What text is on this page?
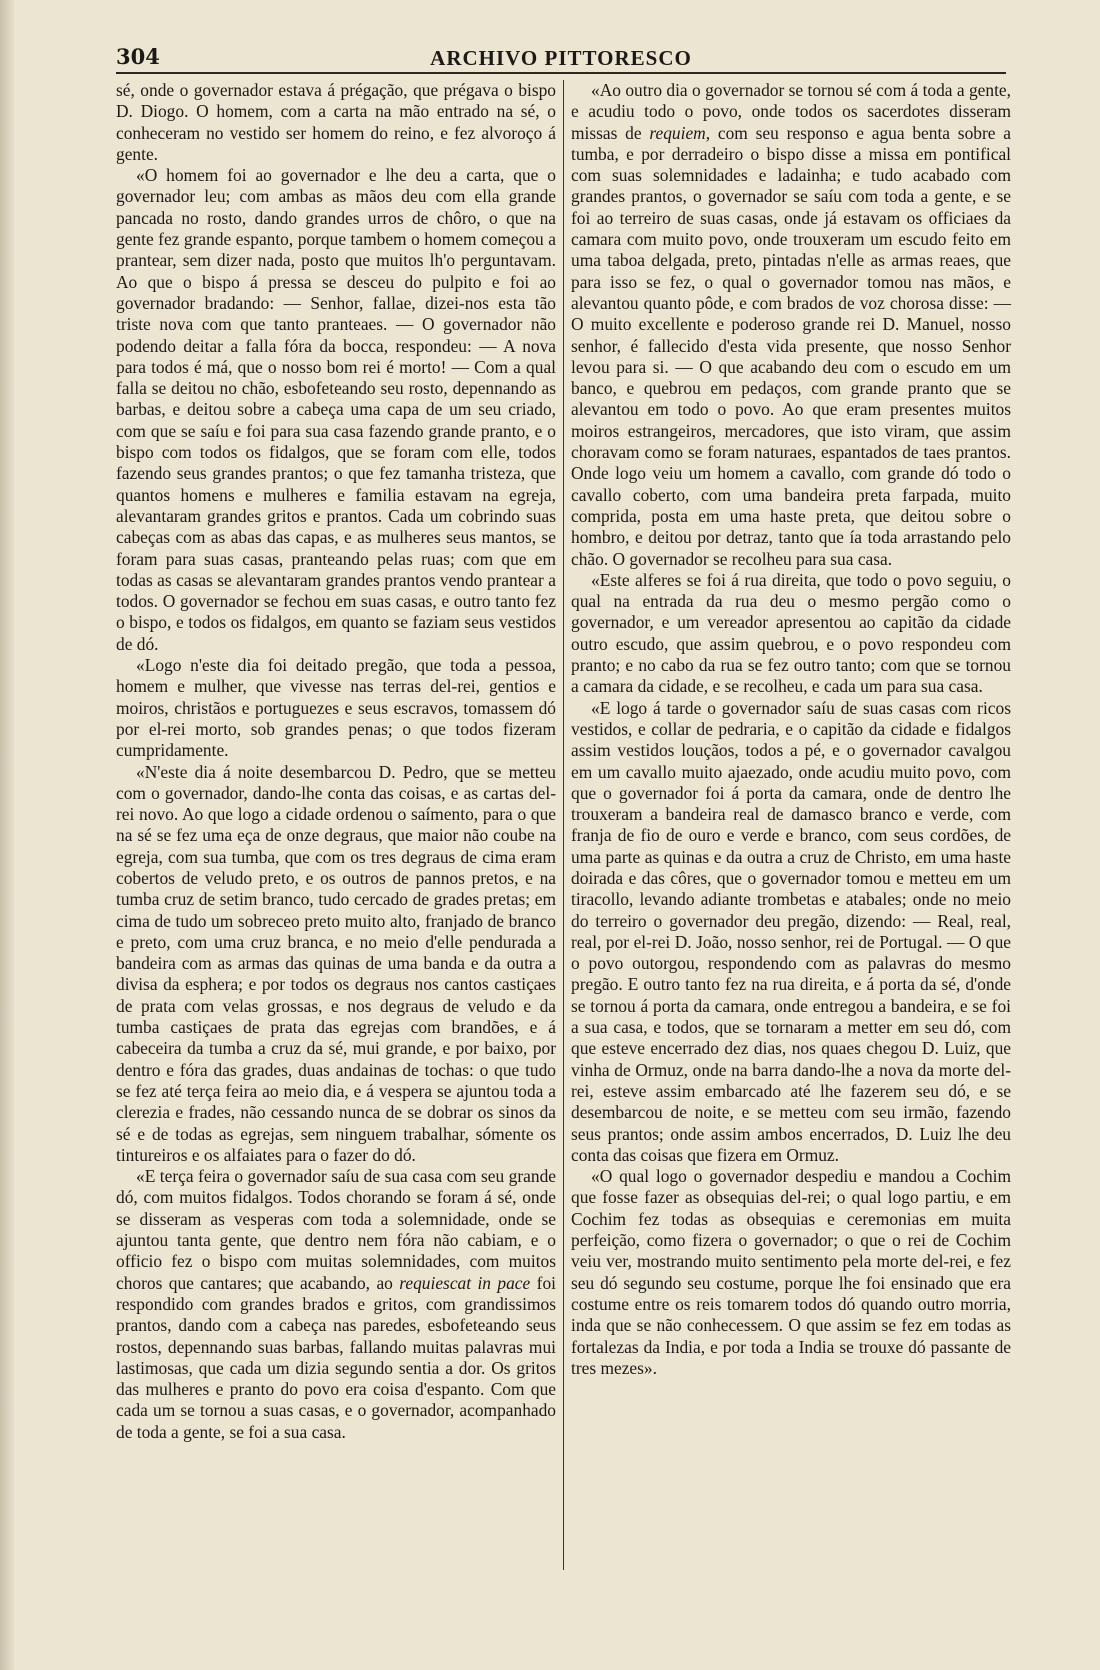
304	ARCHIVO PITTORESCO

sé, onde o governador estava á prégação, que prégava o bispo D. Diogo. O homem, com a carta na mão entrado na sé, o conheceram no vestido ser homem do reino, e fez alvoroço á gente.

«O homem foi ao governador e lhe deu a carta, que o governador leu; com ambas as mãos deu com ella grande pancada no rosto, dando grandes urros de chôro, o que na gente fez grande espanto, porque tambem o homem começou a prantear, sem dizer nada, posto que muitos lh'o perguntavam. Ao que o bispo á pressa se desceu do pulpito e foi ao governador bradando: — Senhor, fallae, dizei-nos esta tão triste nova com que tanto pranteaes. — O governador não podendo deitar a falla fóra da bocca, respondeu: — A nova para todos é má, que o nosso bom rei é morto! — Com a qual falla se deitou no chão, esbofeteando seu rosto, depennando as barbas, e deitou sobre a cabeça uma capa de um seu criado, com que se saíu e foi para sua casa fazendo grande pranto, e o bispo com todos os fidalgos, que se foram com elle, todos fazendo seus grandes prantos; o que fez tamanha tristeza, que quantos homens e mulheres e familia estavam na egreja, alevantaram grandes gritos e prantos. Cada um cobrindo suas cabeças com as abas das capas, e as mulheres seus mantos, se foram para suas casas, pranteando pelas ruas; com que em todas as casas se alevantaram grandes prantos vendo prantear a todos. O governador se fechou em suas casas, e outro tanto fez o bispo, e todos os fidalgos, em quanto se faziam seus vestidos de dó.

«Logo n'este dia foi deitado pregão, que toda a pessoa, homem e mulher, que vivesse nas terras del-rei, gentios e moiros, christãos e portuguezes e seus escravos, tomassem dó por el-rei morto, sob grandes penas; o que todos fizeram cumpridamente.

«N'este dia á noite desembarcou D. Pedro, que se metteu com o governador, dando-lhe conta das coisas, e as cartas del-rei novo. Ao que logo a cidade ordenou o saímento, para o que na sé se fez uma eça de onze degraus, que maior não coube na egreja, com sua tumba, que com os tres degraus de cima eram cobertos de veludo preto, e os outros de pannos pretos, e na tumba cruz de setim branco, tudo cercado de grades pretas; em cima de tudo um sobreceo preto muito alto, franjado de branco e preto, com uma cruz branca, e no meio d'elle pendurada a bandeira com as armas das quinas de uma banda e da outra a divisa da esphera; e por todos os degraus nos cantos castiçaes de prata com velas grossas, e nos degraus de veludo e da tumba castiçaes de prata das egrejas com brandões, e á cabeceira da tumba a cruz da sé, mui grande, e por baixo, por dentro e fóra das grades, duas andainas de tochas: o que tudo se fez até terça feira ao meio dia, e á vespera se ajuntou toda a clerezia e frades, não cessando nunca de se dobrar os sinos da sé e de todas as egrejas, sem ninguem trabalhar, sómente os tintureiros e os alfaiates para o fazer do dó.

«E terça feira o governador saíu de sua casa com seu grande dó, com muitos fidalgos. Todos chorando se foram á sé, onde se disseram as vesperas com toda a solemnidade, onde se ajuntou tanta gente, que dentro nem fóra não cabiam, e o officio fez o bispo com muitas solemnidades, com muitos choros que cantares; que acabando, ao requiescat in pace foi respondido com grandes brados e gritos, com grandissimos prantos, dando com a cabeça nas paredes, esbofeteando seus rostos, depennando suas barbas, fallando muitas palavras mui lastimosas, que cada um dizia segundo sentia a dor. Os gritos das mulheres e pranto do povo era coisa d'espanto. Com que cada um se tornou a suas casas, e o governador, acompanhado de toda a gente, se foi a sua casa.

«Ao outro dia o governador se tornou sé com á toda a gente, e acudiu todo o povo, onde todos os sacerdotes disseram missas de requiem, com seu responso e agua benta sobre a tumba, e por derradeiro o bispo disse a missa em pontifical com suas solemnidades e ladainha; e tudo acabado com grandes prantos, o governador se saíu com toda a gente, e se foi ao terreiro de suas casas, onde já estavam os officiaes da camara com muito povo, onde trouxeram um escudo feito em uma taboa delgada, preto, pintadas n'elle as armas reaes, que para isso se fez, o qual o governador tomou nas mãos, e alevantou quanto pôde, e com brados de voz chorosa disse: — O muito excellente e poderoso grande rei D. Manuel, nosso senhor, é fallecido d'esta vida presente, que nosso Senhor levou para si. — O que acabando deu com o escudo em um banco, e quebrou em pedaços, com grande pranto que se alevantou em todo o povo. Ao que eram presentes muitos moiros estrangeiros, mercadores, que isto viram, que assim choravam como se foram naturaes, espantados de taes prantos. Onde logo veiu um homem a cavallo, com grande dó todo o cavallo coberto, com uma bandeira preta farpada, muito comprida, posta em uma haste preta, que deitou sobre o hombro, e deitou por detraz, tanto que ía toda arrastando pelo chão. O governador se recolheu para sua casa.

«Este alferes se foi á rua direita, que todo o povo seguiu, o qual na entrada da rua deu o mesmo pergão como o governador, e um vereador apresentou ao capitão da cidade outro escudo, que assim quebrou, e o povo respondeu com pranto; e no cabo da rua se fez outro tanto; com que se tornou a camara da cidade, e se recolheu, e cada um para sua casa.

«E logo á tarde o governador saíu de suas casas com ricos vestidos, e collar de pedraria, e o capitão da cidade e fidalgos assim vestidos louçãos, todos a pé, e o governador cavalgou em um cavallo muito ajaezado, onde acudiu muito povo, com que o governador foi á porta da camara, onde de dentro lhe trouxeram a bandeira real de damasco branco e verde, com franja de fio de ouro e verde e branco, com seus cordões, de uma parte as quinas e da outra a cruz de Christo, em uma haste doirada e das côres, que o governador tomou e metteu em um tiracollo, levando adiante trombetas e atabales; onde no meio do terreiro o governador deu pregão, dizendo: — Real, real, real, por el-rei D. João, nosso senhor, rei de Portugal. — O que o povo outorgou, respondendo com as palavras do mesmo pregão. E outro tanto fez na rua direita, e á porta da sé, d'onde se tornou á porta da camara, onde entregou a bandeira, e se foi a sua casa, e todos, que se tornaram a metter em seu dó, com que esteve encerrado dez dias, nos quaes chegou D. Luiz, que vinha de Ormuz, onde na barra dando-lhe a nova da morte del-rei, esteve assim embarcado até lhe fazerem seu dó, e se desembarcou de noite, e se metteu com seu irmão, fazendo seus prantos; onde assim ambos encerrados, D. Luiz lhe deu conta das coisas que fizera em Ormuz.

«O qual logo o governador despediu e mandou a Cochim que fosse fazer as obsequias del-rei; o qual logo partiu, e em Cochim fez todas as obsequias e ceremonias em muita perfeição, como fizera o governador; o que o rei de Cochim veiu ver, mostrando muito sentimento pela morte del-rei, e fez seu dó segundo seu costume, porque lhe foi ensinado que era costume entre os reis tomarem todos dó quando outro morria, inda que se não conhecessem. O que assim se fez em todas as fortalezas da India, e por toda a India se trouxe dó passante de tres mezes».
